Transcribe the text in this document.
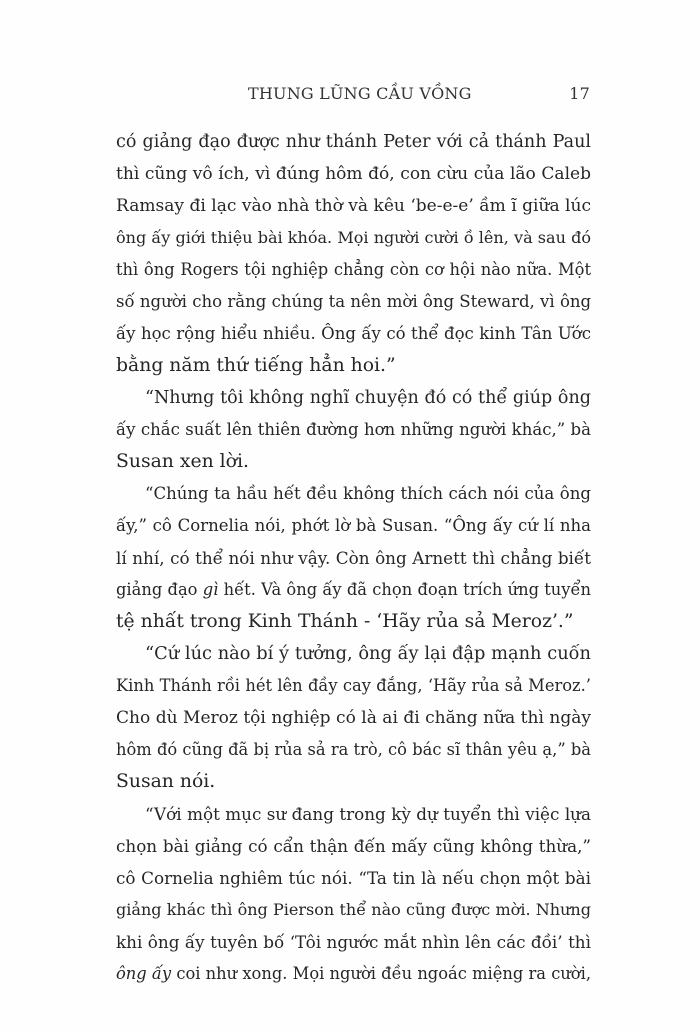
THUNG LŨNG CẦU VỒNG	17
có giảng đạo được như thánh Peter với cả thánh Paul
thì cũng vô ích, vì đúng hôm đó, con cừu của lão Caleb
Ramsay đi lạc vào nhà thờ và kêu ‘be-e-e’ ầm ĩ giữa lúc
ông ấy giới thiệu bài khóa. Mọi người cười ồ lên, và sau đó
thì ông Rogers tội nghiệp chẳng còn cơ hội nào nữa. Một
số người cho rằng chúng ta nên mời ông Steward, vì ông
ấy học rộng hiểu nhiều. Ông ấy có thể đọc kinh Tân Ước
bằng năm thứ tiếng hẳn hoi.”
“Nhưng tôi không nghĩ chuyện đó có thể giúp ông
ấy chắc suất lên thiên đường hơn những người khác,” bà
Susan xen lời.
“Chúng ta hầu hết đều không thích cách nói của ông
ấy,” cô Cornelia nói, phớt lờ bà Susan. “Ông ấy cứ lí nha
lí nhí, có thể nói như vậy. Còn ông Arnett thì chẳng biết
giảng đạo gì hết. Và ông ấy đã chọn đoạn trích ứng tuyển
tệ nhất trong Kinh Thánh - ‘Hãy rủa sả Meroz’.”
“Cứ lúc nào bí ý tưởng, ông ấy lại đập mạnh cuốn
Kinh Thánh rồi hét lên đầy cay đắng, ‘Hãy rủa sả Meroz.’
Cho dù Meroz tội nghiệp có là ai đi chăng nữa thì ngày
hôm đó cũng đã bị rủa sả ra trò, cô bác sĩ thân yêu ạ,” bà
Susan nói.
“Với một mục sư đang trong kỳ dự tuyển thì việc lựa
chọn bài giảng có cẩn thận đến mấy cũng không thừa,”
cô Cornelia nghiêm túc nói. “Ta tin là nếu chọn một bài
giảng khác thì ông Pierson thể nào cũng được mời. Nhưng
khi ông ấy tuyên bố ‘Tôi ngước mắt nhìn lên các đồi’ thì
ông ấy coi như xong. Mọi người đều ngoác miệng ra cười,
